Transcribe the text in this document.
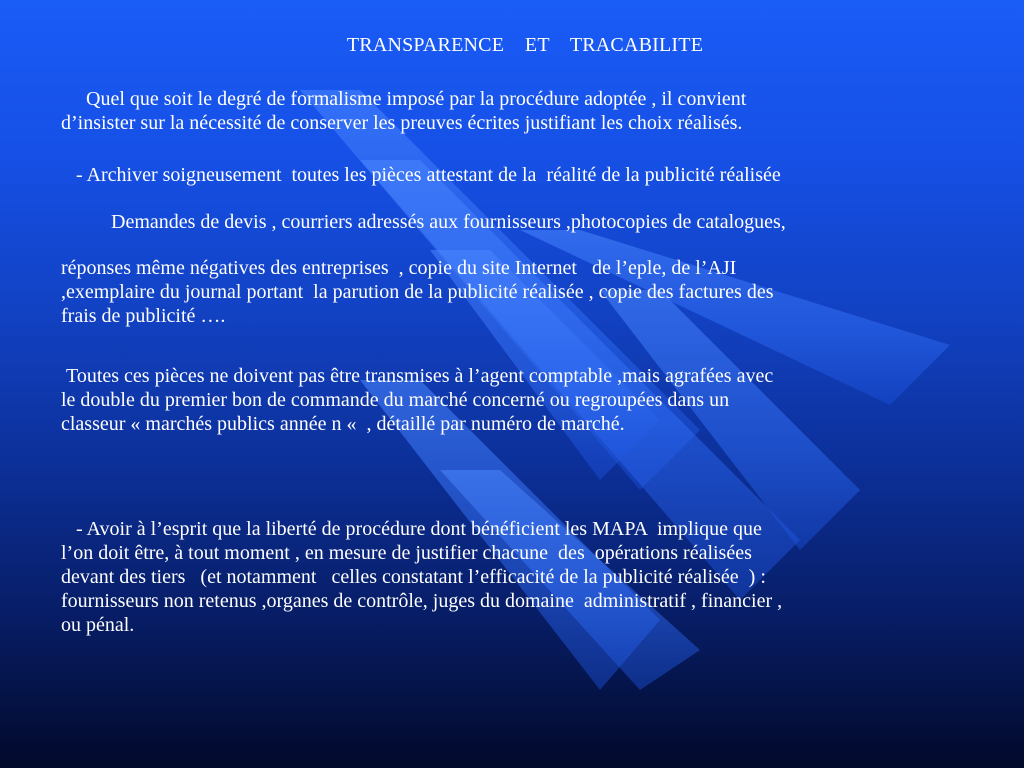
TRANSPARENCE    ET    TRACABILITE
Quel que soit le degré de formalisme imposé par la procédure adoptée , il convient
d’insister sur la nécessité de conserver les preuves écrites justifiant les choix réalisés.
- Archiver soigneusement  toutes les pièces attestant de la  réalité de la publicité réalisée
Demandes de devis , courriers adressés aux fournisseurs ,photocopies de catalogues,
réponses même négatives des entreprises  , copie du site Internet   de l’eple, de l’AJI
,exemplaire du journal portant  la parution de la publicité réalisée , copie des factures des
frais de publicité ….
Toutes ces pièces ne doivent pas être transmises à l’agent comptable ,mais agrafées avec
le double du premier bon de commande du marché concerné ou regroupées dans un
classeur « marchés publics année n «  , détaillé par numéro de marché.
- Avoir à l’esprit que la liberté de procédure dont bénéficient les MAPA  implique que
l’on doit être, à tout moment , en mesure de justifier chacune  des  opérations réalisées
devant des tiers   (et notamment   celles constatant l’efficacité de la publicité réalisée  ) :
fournisseurs non retenus ,organes de contrôle, juges du domaine  administratif , financier ,
ou pénal.
